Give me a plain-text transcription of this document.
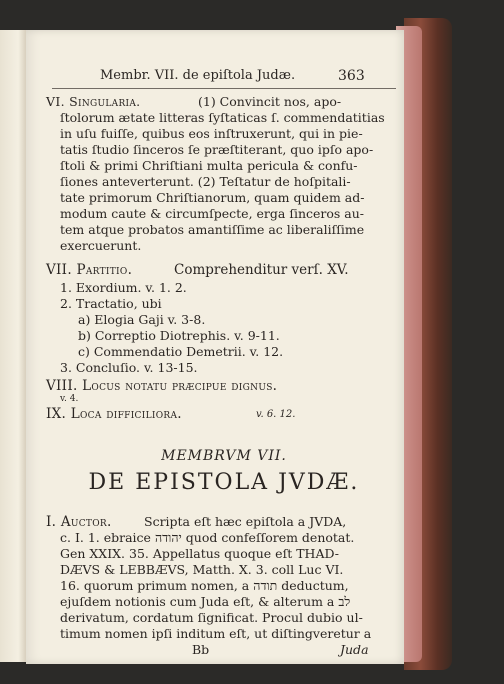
Membr. VII. de epiſtola Judæ.	363
VI. Singularia.	(1) Convincit nos, apo-
ſtolorum ætate litteras ſyſtaticas ſ. commendatitias
in uſu fuiſſe, quibus eos inſtruxerunt, qui in pie-
tatis ſtudio ſinceros ſe præſtiterant, quo ipſo apo-
ſtoli & primi Chriſtiani multa pericula & confu-
ſiones anteverterunt. (2) Teſtatur de hoſpitali-
tate primorum Chriſtianorum, quam quidem ad-
modum caute & circumſpecte, erga ſinceros au-
tem atque probatos amantiſſime ac liberaliſſime
exercuerunt.
VII. Partitio.	Comprehenditur verſ. XV.
1. Exordium. v. 1. 2.
2. Tractatio, ubi
a) Elogia Gaji v. 3-8.
b) Correptio Diotrephis. v. 9-11.
c) Commendatio Demetrii. v. 12.
3. Concluſio. v. 13-15.
VIII. Locus notatu præcipue dignus.
v. 4.
IX. Loca difficiliora.	v. 6. 12.
MEMBRVM VII.
DE EPISTOLA JVDÆ.
I. Auctor.	Scripta eſt hæc epiſtola a JVDA,
c. I. 1. ebraice יהודה quod confeſſorem denotat.
Gen XXIX. 35. Appellatus quoque eſt THAD-
DÆVS & LEBBÆVS, Matth. X. 3. coll Luc VI.
16. quorum primum nomen, a תודה deductum,
ejuſdem notionis cum Juda eſt, & alterum a לב
derivatum, cordatum ſignificat. Procul dubio ul-
timum nomen ipſi inditum eſt, ut diſtingveretur a
Bb	Juda
